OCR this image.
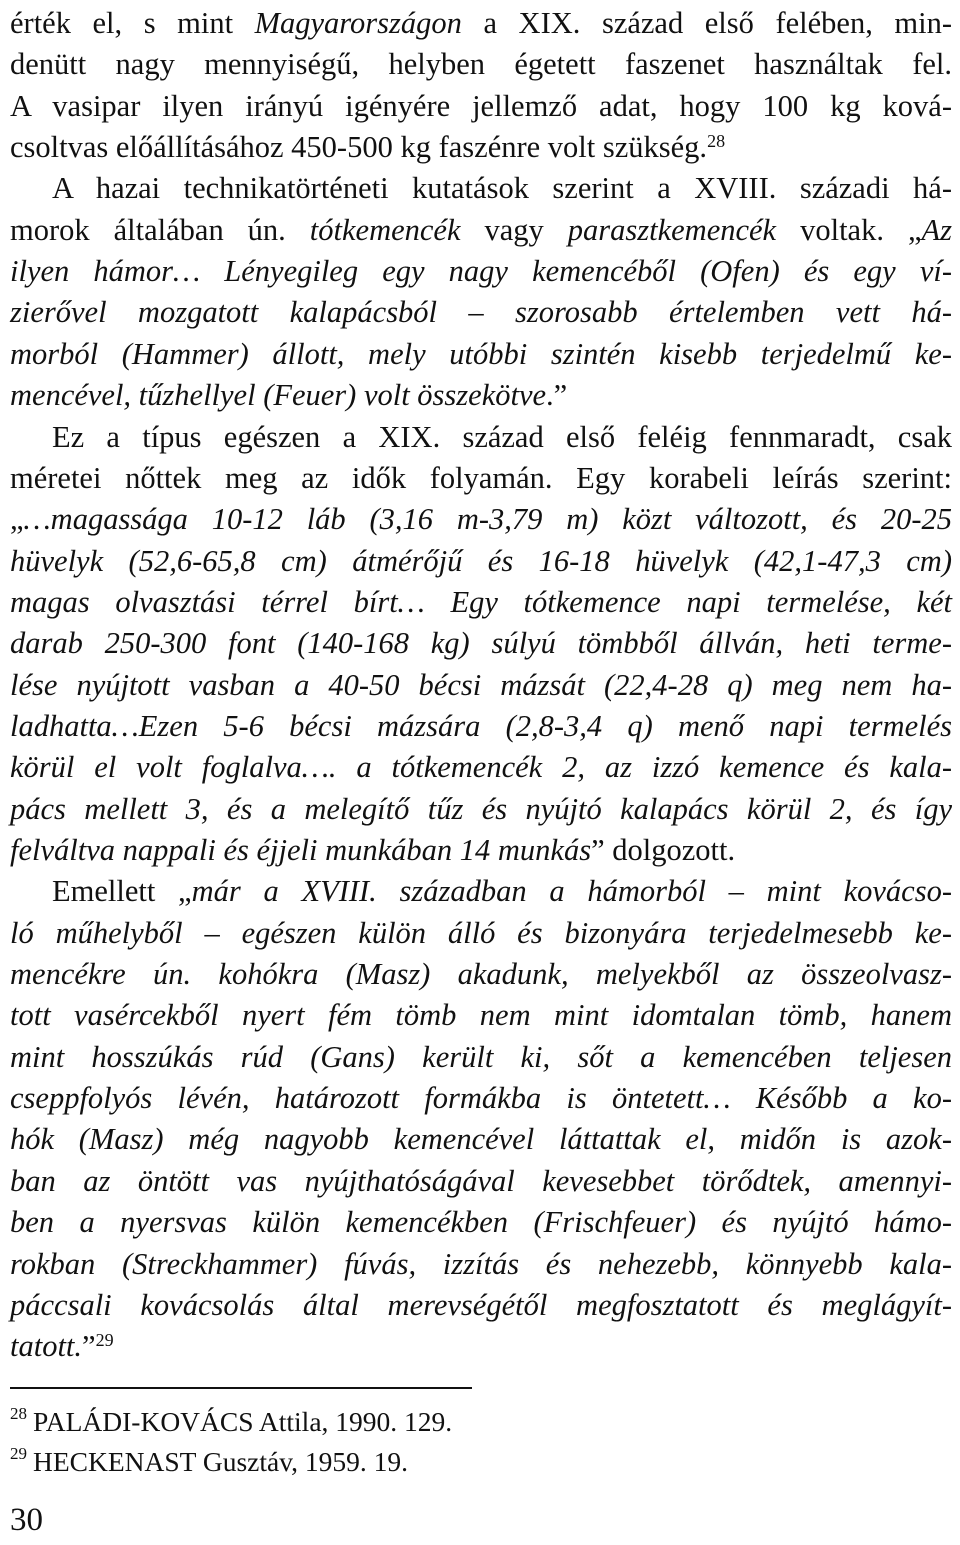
érték el, s mint Magyarországon a XIX. század első felében, min-
denütt nagy mennyiségű, helyben égetett faszenet használtak fel.
A vasipar ilyen irányú igényére jellemző adat, hogy 100 kg ková-
csoltvas előállításához 450-500 kg faszénre volt szükség.$^{28}$
A hazai technikatörténeti kutatások szerint a XVIII. századi há-
morok általában ún. tótkemencék vagy parasztkemencék voltak. „Az
ilyen hámor… Lényegileg egy nagy kemencéből (Ofen) és egy ví-
zierővel mozgatott kalapácsból – szorosabb értelemben vett há-
morból (Hammer) állott, mely utóbbi szintén kisebb terjedelmű ke-
mencével, tűzhellyel (Feuer) volt összekötve.”
Ez a típus egészen a XIX. század első feléig fennmaradt, csak
méretei nőttek meg az idők folyamán. Egy korabeli leírás szerint:
„…magassága 10-12 láb (3,16 m-3,79 m) közt változott, és 20-25
hüvelyk (52,6-65,8 cm) átmérőjű és 16-18 hüvelyk (42,1-47,3 cm)
magas olvasztási térrel bírt… Egy tótkemence napi termelése, két
darab 250-300 font (140-168 kg) súlyú tömbből állván, heti terme-
lése nyújtott vasban a 40-50 bécsi mázsát (22,4-28 q) meg nem ha-
ladhatta…Ezen 5-6 bécsi mázsára (2,8-3,4 q) menő napi termelés
körül el volt foglalva…. a tótkemencék 2, az izzó kemence és kala-
pács mellett 3, és a melegítő tűz és nyújtó kalapács körül 2, és így
felváltva nappali és éjjeli munkában 14 munkás” dolgozott.
Emellett „már a XVIII. században a hámorból – mint kovácso-
ló műhelyből – egészen külön álló és bizonyára terjedelmesebb ke-
mencékre ún. kohókra (Masz) akadunk, melyekből az összeolvasz-
tott vasércekből nyert fém tömb nem mint idomtalan tömb, hanem
mint hosszúkás rúd (Gans) került ki, sőt a kemencében teljesen
cseppfolyós lévén, határozott formákba is öntetett… Később a ko-
hók (Masz) még nagyobb kemencével láttattak el, midőn is azok-
ban az öntött vas nyújthatóságával kevesebbet törődtek, amennyi-
ben a nyersvas külön kemencékben (Frischfeuer) és nyújtó hámo-
rokban (Streckhammer) fúvás, izzítás és nehezebb, könnyebb kala-
páccsali kovácsolás által merevségétől megfosztatott és meglágyít-
tatott.”$^{29}$
$^{28}$ PALÁDI-KOVÁCS Attila, 1990. 129.
$^{29}$ HECKENAST Gusztáv, 1959. 19.
30
